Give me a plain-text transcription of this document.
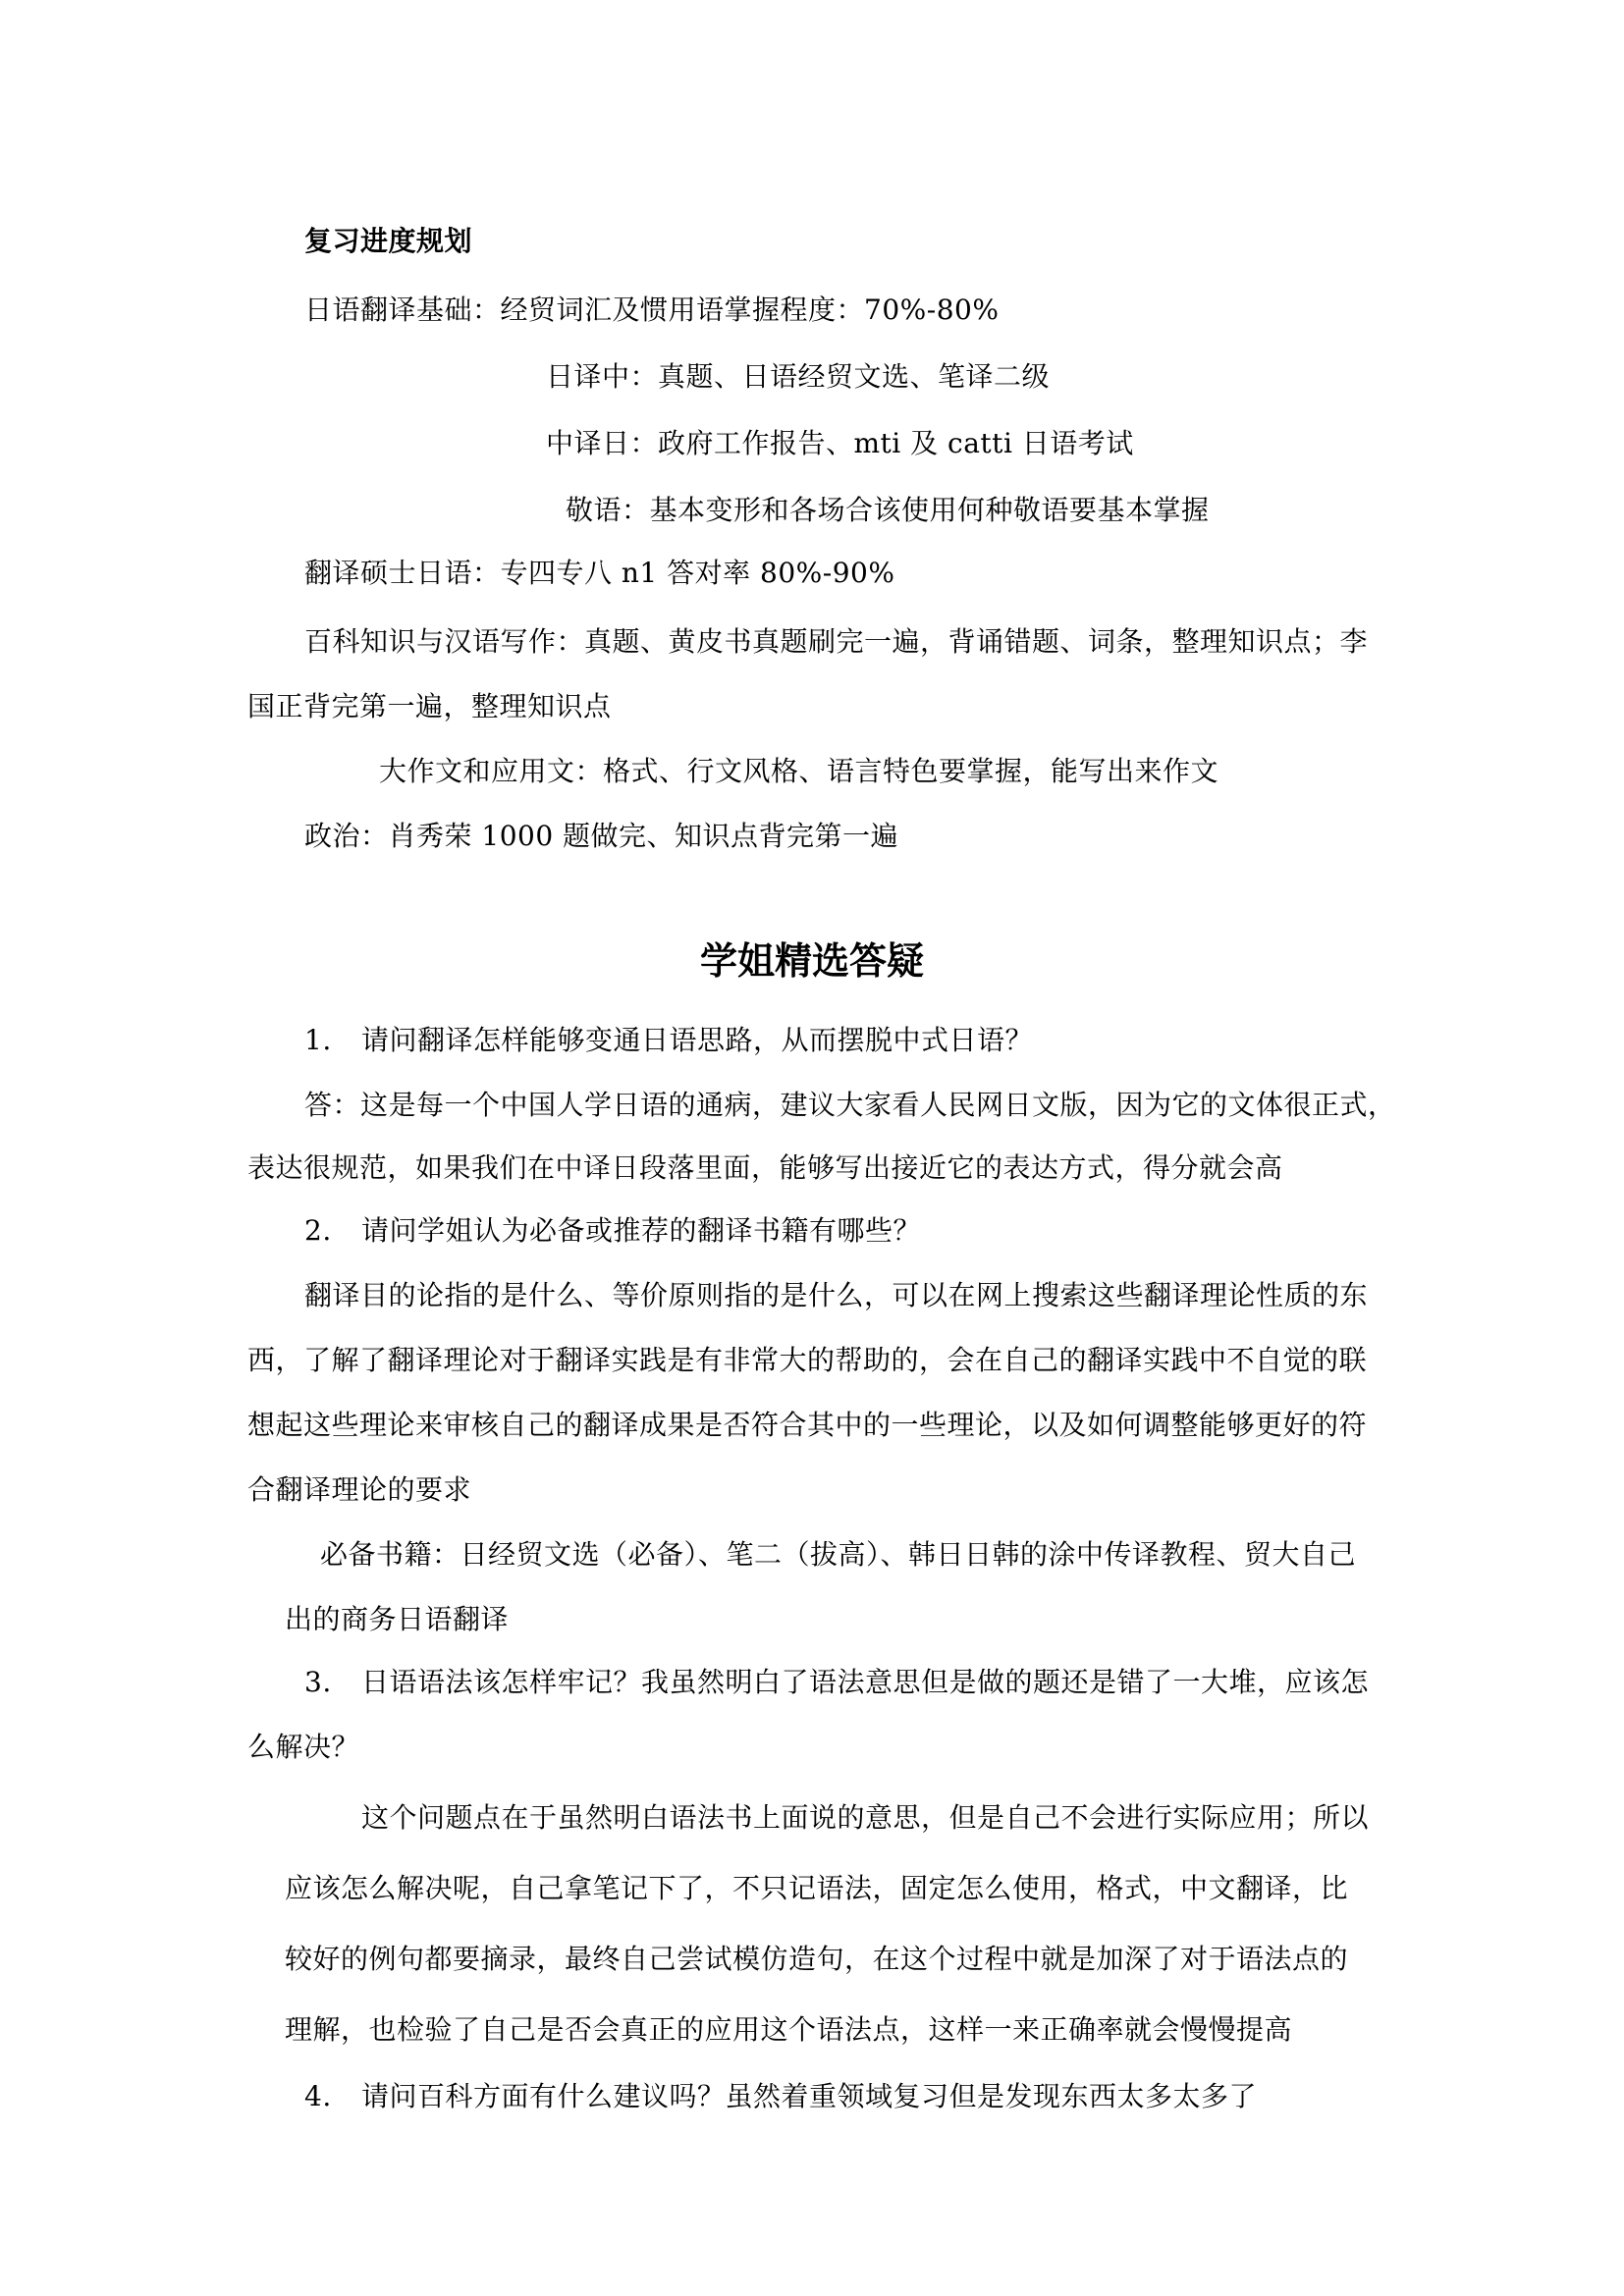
复习进度规划
日语翻译基础：经贸词汇及惯用语掌握程度：70%-80%
日译中：真题、日语经贸文选、笔译二级
中译日：政府工作报告、mti 及 catti 日语考试
敬语：基本变形和各场合该使用何种敬语要基本掌握
翻译硕士日语：专四专八 n1 答对率 80%-90%
百科知识与汉语写作：真题、黄皮书真题刷完一遍，背诵错题、词条，整理知识点；李
国正背完第一遍，整理知识点
大作文和应用文：格式、行文风格、语言特色要掌握，能写出来作文
政治：肖秀荣 1000 题做完、知识点背完第一遍
学姐精选答疑
1. 请问翻译怎样能够变通日语思路，从而摆脱中式日语？
答：这是每一个中国人学日语的通病，建议大家看人民网日文版，因为它的文体很正式，
表达很规范，如果我们在中译日段落里面，能够写出接近它的表达方式，得分就会高
2. 请问学姐认为必备或推荐的翻译书籍有哪些？
翻译目的论指的是什么、等价原则指的是什么，可以在网上搜索这些翻译理论性质的东
西，了解了翻译理论对于翻译实践是有非常大的帮助的，会在自己的翻译实践中不自觉的联
想起这些理论来审核自己的翻译成果是否符合其中的一些理论，以及如何调整能够更好的符
合翻译理论的要求
必备书籍：日经贸文选（必备）、笔二（拔高）、韩日日韩的涂中传译教程、贸大自己
出的商务日语翻译
3. 日语语法该怎样牢记？我虽然明白了语法意思但是做的题还是错了一大堆，应该怎
么解决？
这个问题点在于虽然明白语法书上面说的意思，但是自己不会进行实际应用；所以
应该怎么解决呢，自己拿笔记下了，不只记语法，固定怎么使用，格式，中文翻译，比
较好的例句都要摘录，最终自己尝试模仿造句，在这个过程中就是加深了对于语法点的
理解，也检验了自己是否会真正的应用这个语法点，这样一来正确率就会慢慢提高
4. 请问百科方面有什么建议吗？虽然着重领域复习但是发现东西太多太多了
